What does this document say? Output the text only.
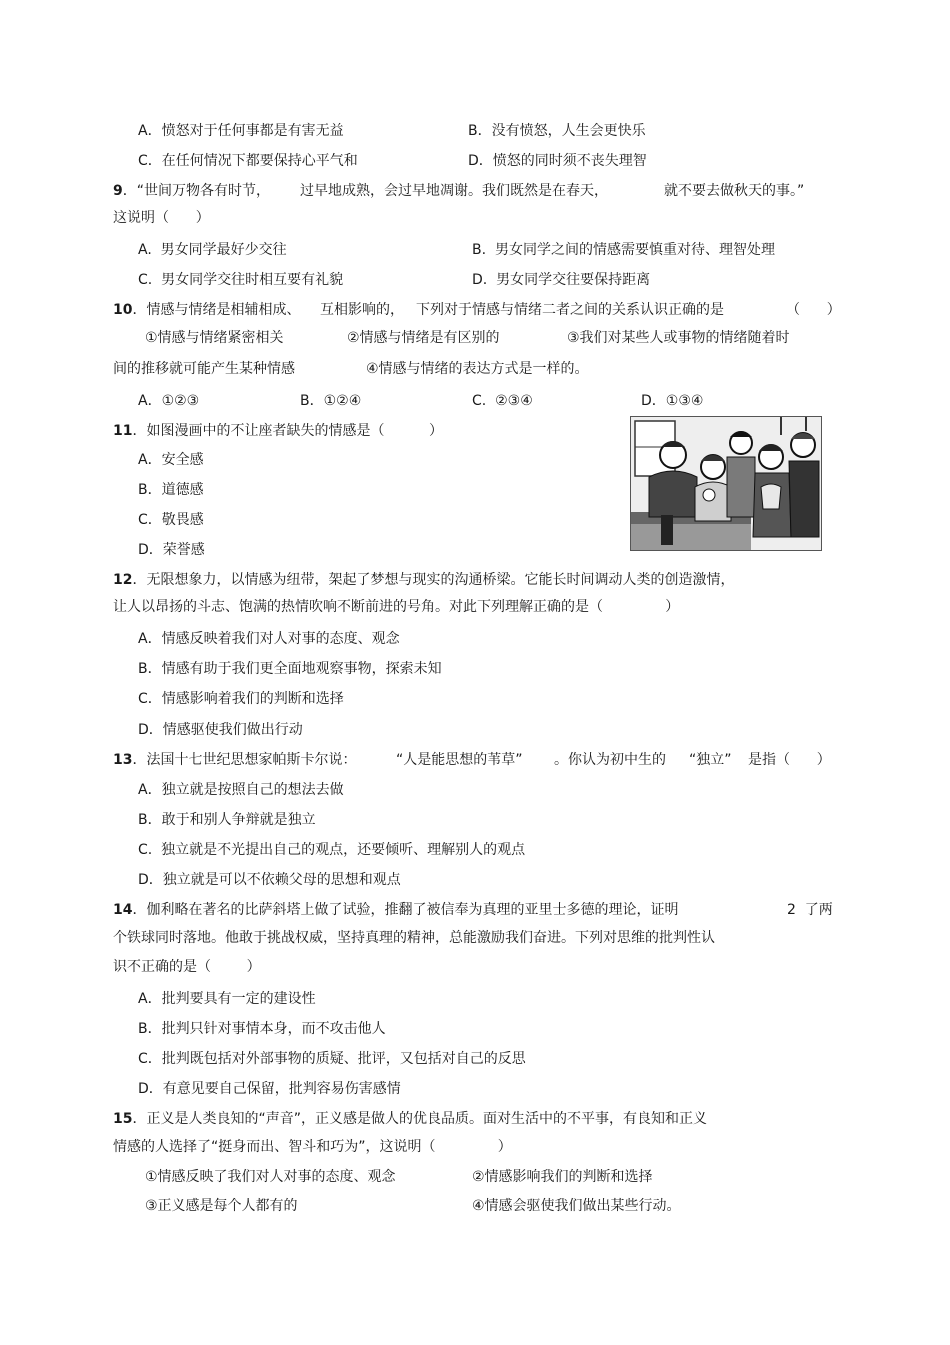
A．愤怒对于任何事都是有害无益	B．没有愤怒，人生会更快乐
C．在任何情况下都要保持心平气和	D．愤怒的同时须不丧失理智
9．“世间万物各有时节， 过早地成熟，会过早地凋谢。我们既然是在春天，	就不要去做秋天的事。”
这说明（      ）
A.  男女同学最好少交往	B.  男女同学之间的情感需要慎重对待、理智处理
C.  男女同学交往时相互要有礼貌	D.  男女同学交往要保持距离
10．情感与情绪是相辅相成、 互相影响的， 下列对于情感与情绪二者之间的关系认识正确的是	（      ）
①情感与情绪紧密相关	②情感与情绪是有区别的	③我们对某些人或事物的情绪随着时
间的推移就可能产生某种情感	④情感与情绪的表达方式是一样的。
A．①②③	B．①②④	C.  ②③④	D．①③④
11．如图漫画中的不让座者缺失的情感是（          ）
A．安全感
B．道德感
C．敬畏感
D．荣誉感
12．无限想象力，以情感为纽带，架起了梦想与现实的沟通桥梁。它能长时间调动人类的创造激情，
让人以昂扬的斗志、饱满的热情吹响不断前进的号角。对此下列理解正确的是（              ）
A．情感反映着我们对人对事的态度、观念
B．情感有助于我们更全面地观察事物，探索未知
C．情感影响着我们的判断和选择
D．情感驱使我们做出行动
13．法国十七世纪思想家帕斯卡尔说：	“人是能思想的苇草” 。你认为初中生的 “独立” 是指（      ）
A．独立就是按照自己的想法去做
B．敢于和别人争辩就是独立
C.  独立就是不光提出自己的观点，还要倾听、理解别人的观点
D．独立就是可以不依赖父母的思想和观点
14．伽利略在著名的比萨斜塔上做了试验，推翻了被信奉为真理的亚里士多德的理论，证明	2  了两
个铁球同时落地。他敢于挑战权威，坚持真理的精神，总能激励我们奋进。下列对思维的批判性认
识不正确的是（        ）
A．批判要具有一定的建设性
B．批判只针对事情本身，而不攻击他人
C．批判既包括对外部事物的质疑、批评，又包括对自己的反思
D．有意见要自己保留，批判容易伤害感情
15．正义是人类良知的“声音”，正义感是做人的优良品质。面对生活中的不平事，有良知和正义
情感的人选择了“挺身而出、智斗和巧为”，这说明（              ）
①情感反映了我们对人对事的态度、观念	②情感影响我们的判断和选择
③正义感是每个人都有的	④情感会驱使我们做出某些行动。
